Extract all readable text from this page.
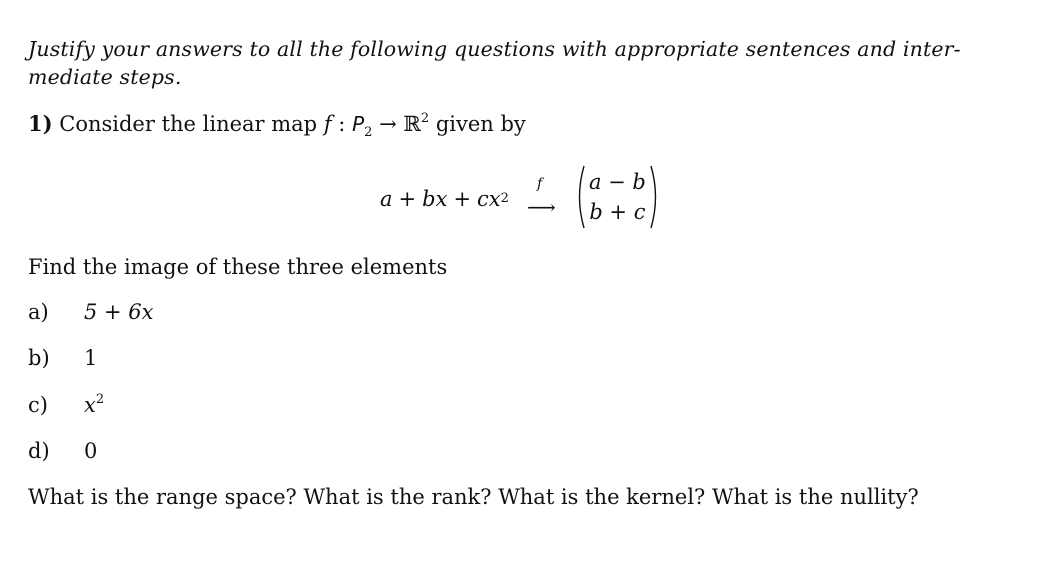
Justify your answers to all the following questions with appropriate sentences and inter-
mediate steps.
1) Consider the linear map f : $P_2$ → ℝ$^2$ given by
a + bx + cx 2
f
⟶
a − b
b + c
Find the image of these three elements
a) 5 + 6x
b) 1
c) $x^2$
d) 0
What is the range space? What is the rank? What is the kernel? What is the nullity?
